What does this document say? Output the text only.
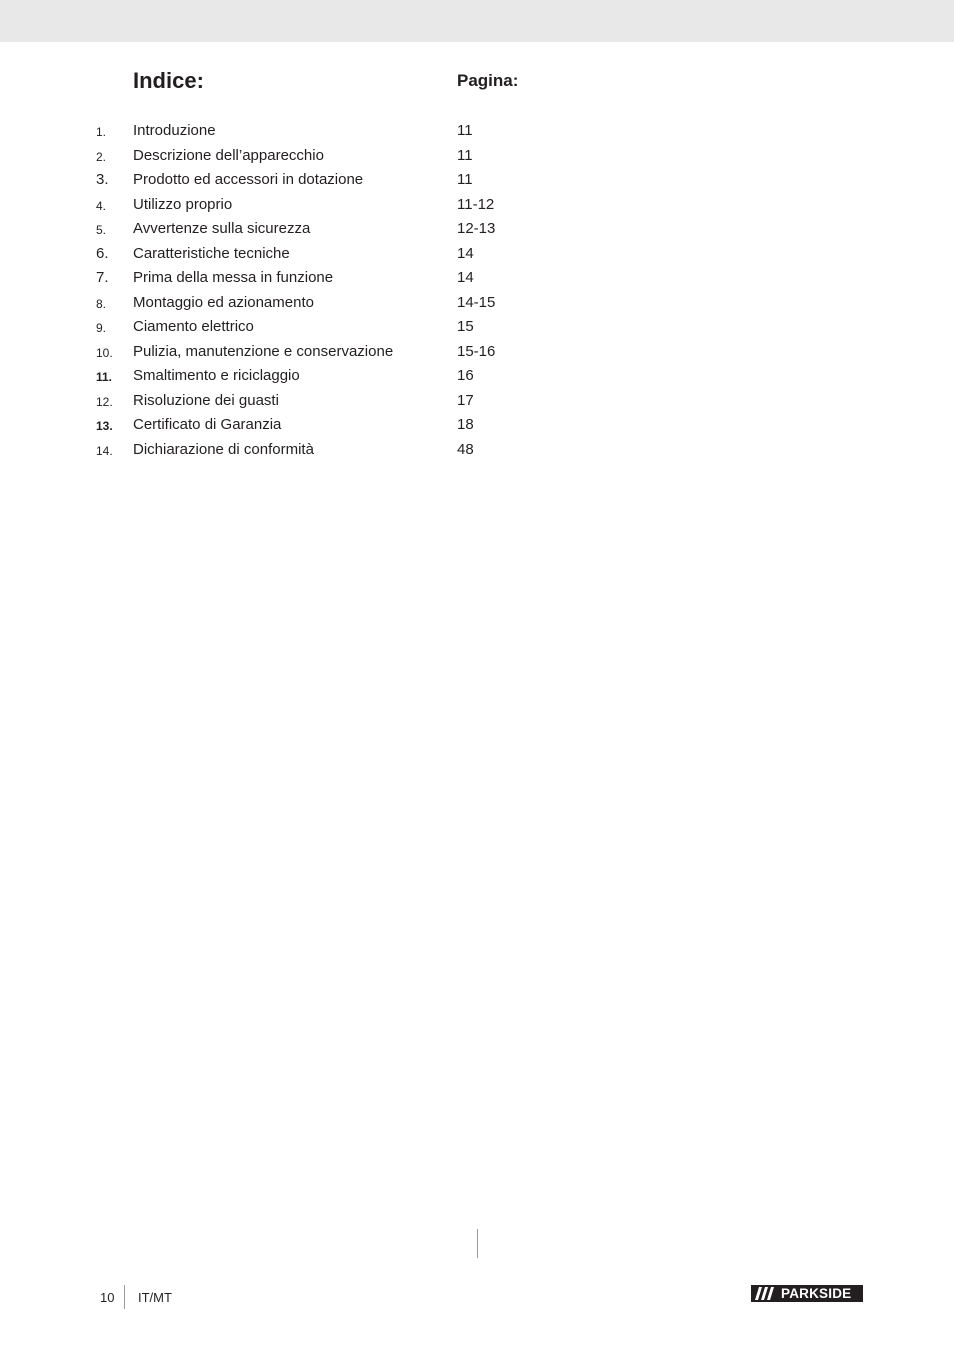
Indice:	Pagina:
1. Introduzione	11
2. Descrizione dell’apparecchio	11
3. Prodotto ed accessori in dotazione	11
4. Utilizzo proprio	11-12
5. Avvertenze sulla sicurezza	12-13
6. Caratteristiche tecniche	14
7. Prima della messa in funzione	14
8. Montaggio ed azionamento	14-15
9. Ciamento elettrico	15
10. Pulizia, manutenzione e conservazione	15-16
11. Smaltimento e riciclaggio	16
12. Risoluzione dei guasti	17
13. Certificato di Garanzia	18
14. Dichiarazione di conformità	48
10 IT/MT	PARKSIDE
